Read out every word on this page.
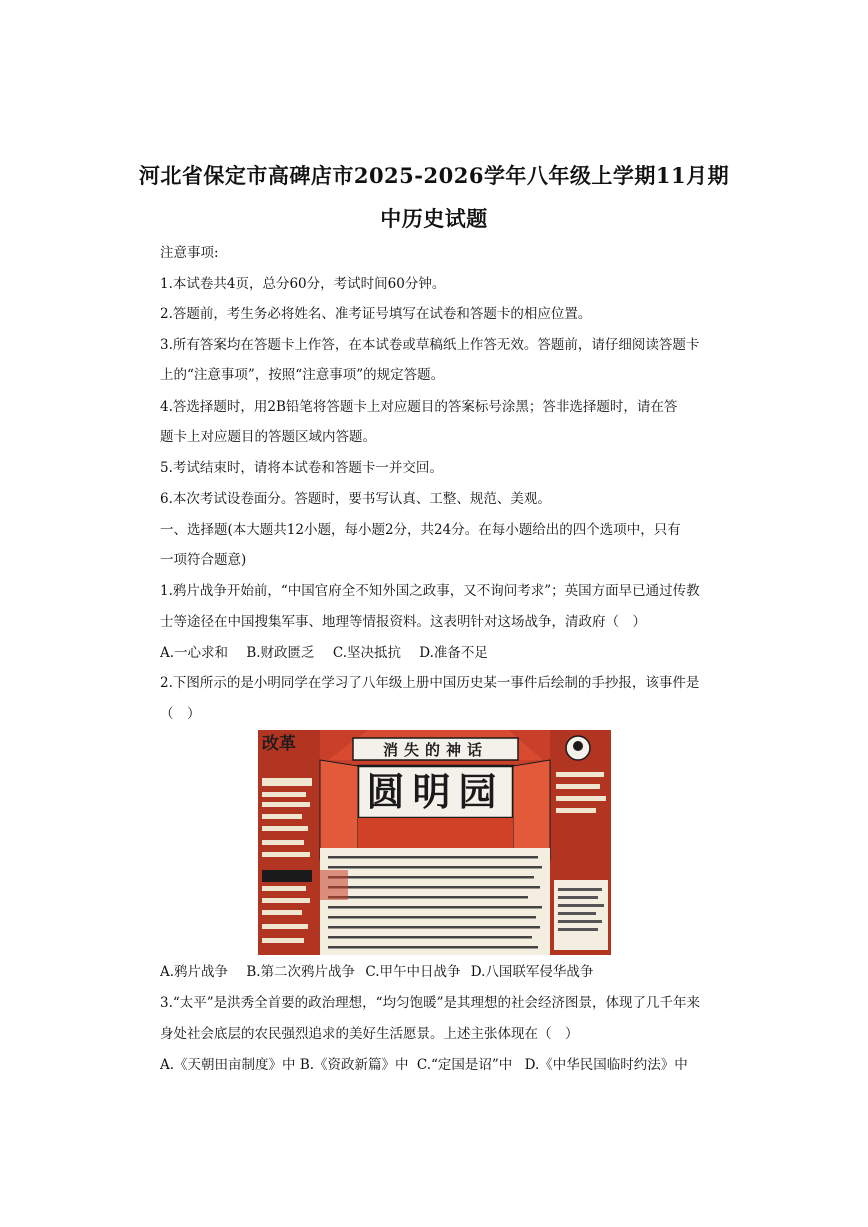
河北省保定市高碑店市2025-2026学年八年级上学期11月期
中历史试题
注意事项:
1.本试卷共4页，总分60分，考试时间60分钟。
2.答题前，考生务必将姓名、准考证号填写在试卷和答题卡的相应位置。
3.所有答案均在答题卡上作答，在本试卷或草稿纸上作答无效。答题前，请仔细阅读答题卡
上的“注意事项”，按照“注意事项”的规定答题。
4.答选择题时，用2B铅笔将答题卡上对应题目的答案标号涂黑；答非选择题时，请在答
题卡上对应题目的答题区域内答题。
5.考试结束时，请将本试卷和答题卡一并交回。
6.本次考试设卷面分。答题时，要书写认真、工整、规范、美观。
一、选择题(本大题共12小题，每小题2分，共24分。在每小题给出的四个选项中，只有
一项符合题意)
1.鸦片战争开始前，“中国官府全不知外国之政事，又不询问考求”；英国方面早已通过传教
士等途径在中国搜集军事、地理等情报资料。这表明针对这场战争，清政府（　）
A.一心求和 B.财政匮乏 C.坚决抵抗 D.准备不足
2.下图所示的是小明同学在学习了八年级上册中国历史某一事件后绘制的手抄报，该事件是
（　）
消失的神话
圆明园
改革
A.鸦片战争 B.第二次鸦片战争 C.甲午中日战争 D.八国联军侵华战争
3.“太平”是洪秀全首要的政治理想，“均匀饱暖”是其理想的社会经济图景，体现了几千年来
身处社会底层的农民强烈追求的美好生活愿景。上述主张体现在（　）
A.《天朝田亩制度》中 B.《资政新篇》中 C.“定国是诏”中 D.《中华民国临时约法》中
